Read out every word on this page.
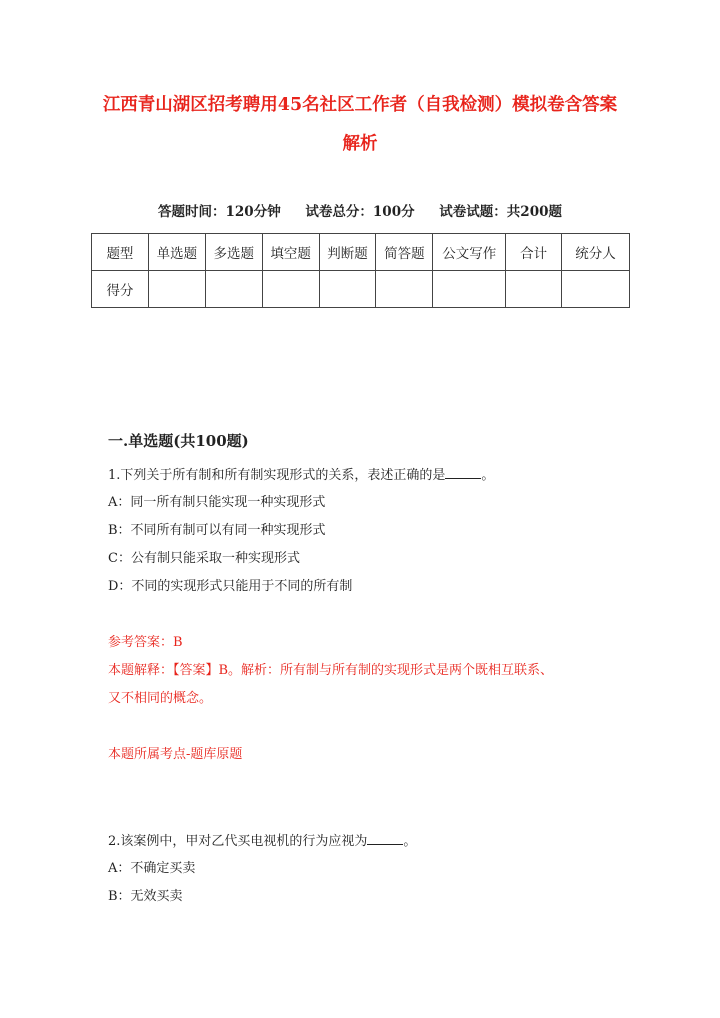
江西青山湖区招考聘用45名社区工作者（自我检测）模拟卷含答案

解析

答题时间：120分钟 试卷总分：100分 试卷试题：共200题
题型	单选题	多选题	填空题	判断题	简答题	公文写作	合计	统分人
得分								
一.单选题(共100题)
1.下列关于所有制和所有制实现形式的关系，表述正确的是	。
A：同一所有制只能实现一种实现形式
B：不同所有制可以有同一种实现形式
C：公有制只能采取一种实现形式
D：不同的实现形式只能用于不同的所有制
参考答案：B
本题解释：【答案】B。解析：所有制与所有制的实现形式是两个既相互联系、
又不相同的概念。
本题所属考点-题库原题
2.该案例中，甲对乙代买电视机的行为应视为	。
A：不确定买卖
B：无效买卖
